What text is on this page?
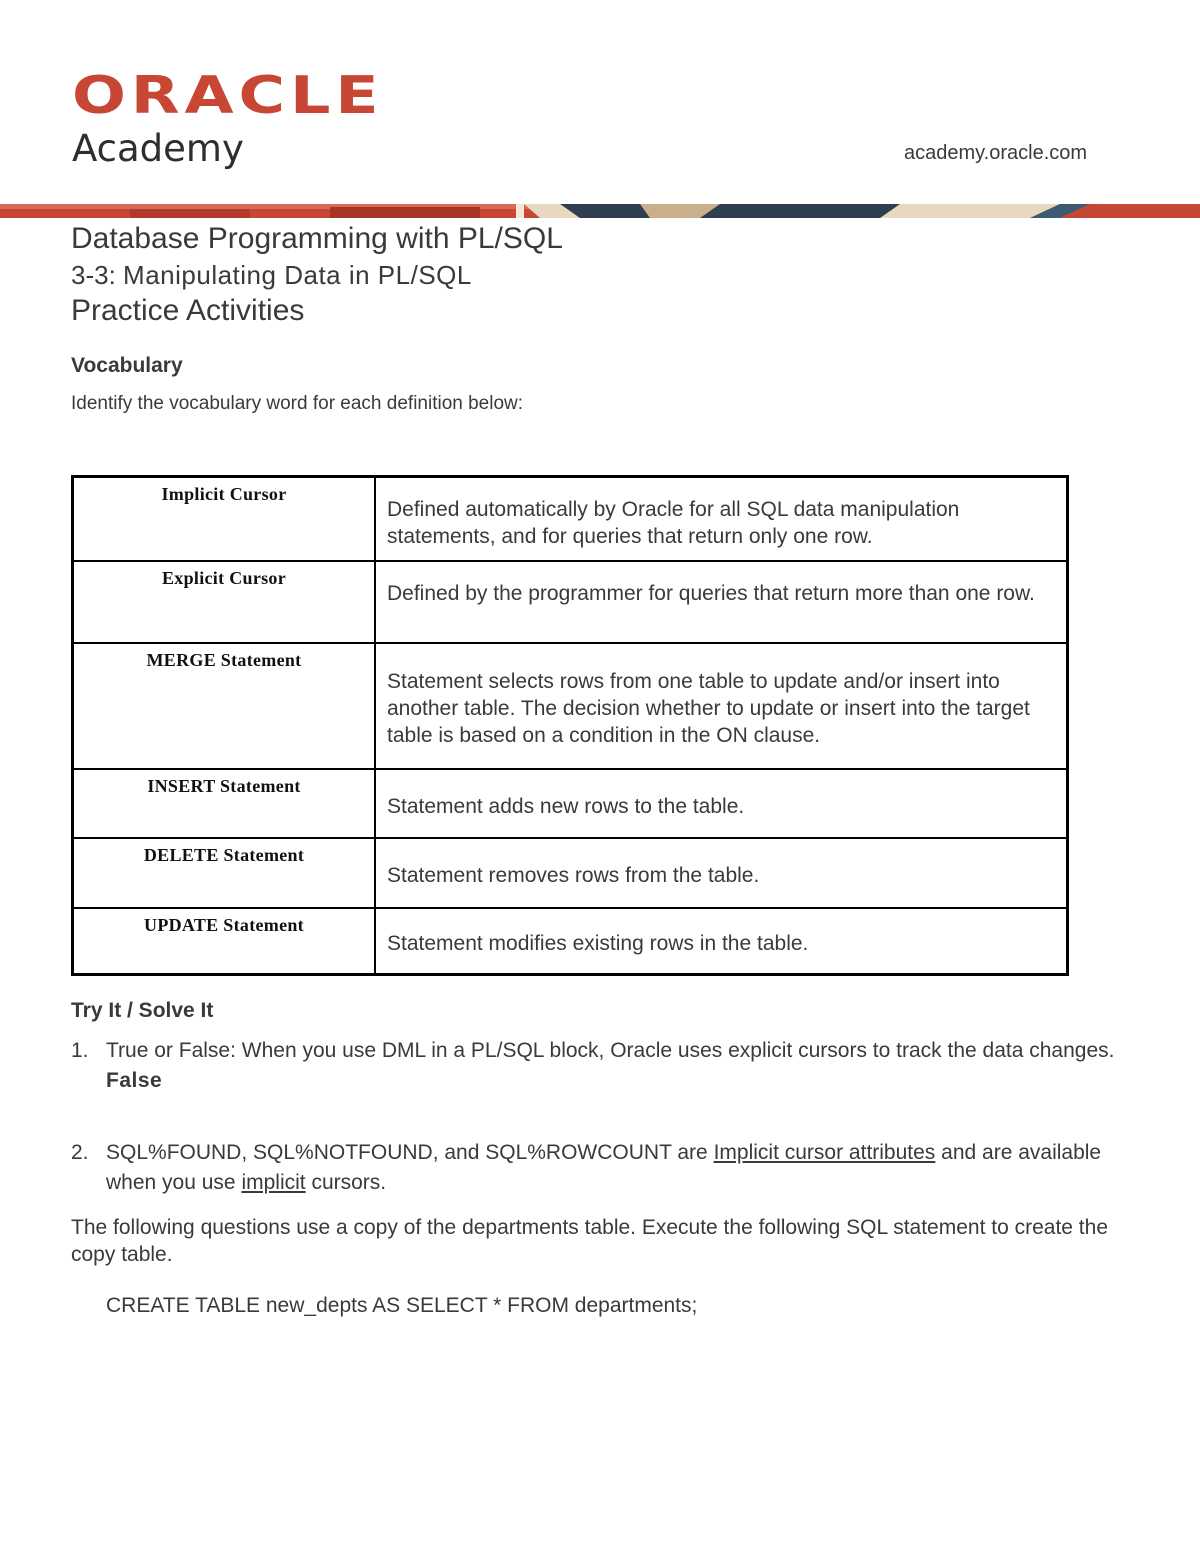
ORACLE
Academy	academy.oracle.com
Database Programming with PL/SQL
3-3: Manipulating Data in PL/SQL
Practice Activities
Vocabulary
Identify the vocabulary word for each definition below:
Implicit Cursor	Defined automatically by Oracle for all SQL data manipulation statements, and for queries that return only one row.
Explicit Cursor	Defined by the programmer for queries that return more than one row.
MERGE Statement	Statement selects rows from one table to update and/or insert into another table. The decision whether to update or insert into the target table is based on a condition in the ON clause.
INSERT Statement	Statement adds new rows to the table.
DELETE Statement	Statement removes rows from the table.
UPDATE Statement	Statement modifies existing rows in the table.
Try It / Solve It
1. True or False: When you use DML in a PL/SQL block, Oracle uses explicit cursors to track the data changes. False
2. SQL%FOUND, SQL%NOTFOUND, and SQL%ROWCOUNT are Implicit cursor attributes and are available when you use implicit cursors.
The following questions use a copy of the departments table. Execute the following SQL statement to create the copy table.
CREATE TABLE new_depts AS SELECT * FROM departments;
